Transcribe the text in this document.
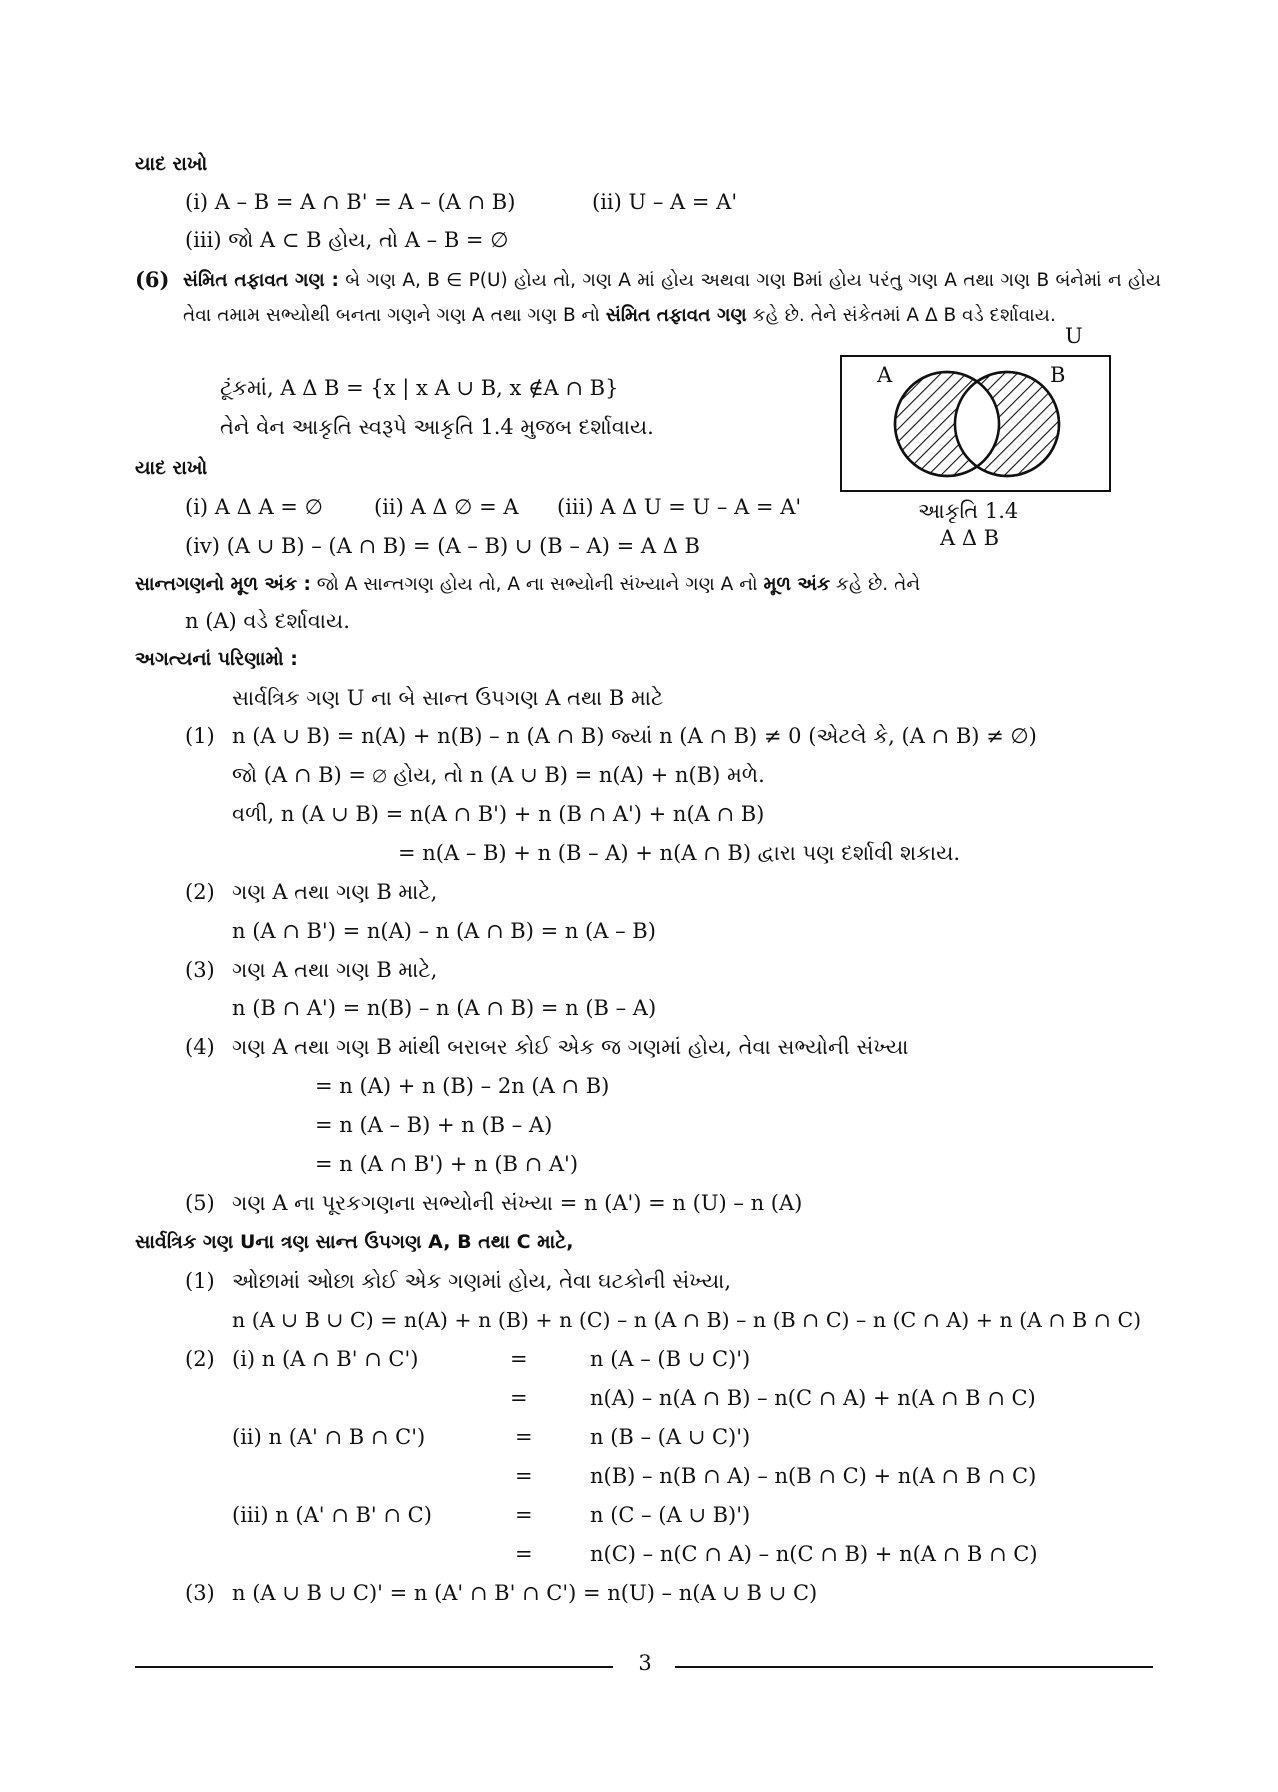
યાદ રાખો
(i) A – B = A ∩ B' = A – (A ∩ B)	(ii) U – A = A'
(iii) જો A ⊂ B હોય, તો A – B = ∅
(6) સંમિત તફાવત ગણ : બે ગણ A, B ∈ P(U) હોય તો, ગણ A માં હોય અથવા ગણ Bમાં હોય પરંતુ ગણ A તથા ગણ B બંનેમાં ન હોય તેવા તમામ સભ્યોથી બનતા ગણને ગણ A તથા ગણ B નો સંમિત તફાવત ગણ કહે છે. તેને સંકેતમાં A Δ B વડે દર્શાવાય.
ટૂંકમાં, A Δ B = {x | x A ∪ B, x ∉A ∩ B}
તેને વેન આકૃતિ સ્વરૂપે આકૃતિ 1.4 મુજબ દર્શાવાય.
U
A	B
આકૃતિ 1.4
A Δ B
યાદ રાખો
(i) A Δ A = ∅ (ii) A Δ ∅ = A (iii) A Δ U = U – A = A'
(iv) (A ∪ B) – (A ∩ B) = (A – B) ∪ (B – A) = A Δ B
સાન્તગણનો મૂળ અંક : જો A સાન્તગણ હોય તો, A ના સભ્યોની સંખ્યાને ગણ A નો મૂળ અંક કહે છે. તેને
n (A) વડે દર્શાવાય.
અગત્યનાં પરિણામો :
સાર્વત્રિક ગણ U ના બે સાન્ત ઉપગણ A તથા B માટે
(1) n (A ∪ B) = n(A) + n(B) – n (A ∩ B) જ્યાં n (A ∩ B) ≠ 0 (એટલે કે, (A ∩ B) ≠ ∅)
જો (A ∩ B) = ∅ હોય, તો n (A ∪ B) = n(A) + n(B) મળે.
વળી, n (A ∪ B) = n(A ∩ B') + n (B ∩ A') + n(A ∩ B)
= n(A – B) + n (B – A) + n(A ∩ B) દ્વારા પણ દર્શાવી શકાય.
(2) ગણ A તથા ગણ B માટે,
n (A ∩ B') = n(A) – n (A ∩ B) = n (A – B)
(3) ગણ A તથા ગણ B માટે,
n (B ∩ A') = n(B) – n (A ∩ B) = n (B – A)
(4) ગણ A તથા ગણ B માંથી બરાબર કોઈ એક જ ગણમાં હોય, તેવા સભ્યોની સંખ્યા
= n (A) + n (B) – 2n (A ∩ B)
= n (A – B) + n (B – A)
= n (A ∩ B') + n (B ∩ A')
(5) ગણ A ના પૂરકગણના સભ્યોની સંખ્યા = n (A') = n (U) – n (A)
સાર્વત્રિક ગણ Uના ત્રણ સાન્ત ઉપગણ A, B તથા C માટે,
(1) ઓછામાં ઓછા કોઈ એક ગણમાં હોય, તેવા ઘટકોની સંખ્યા,
n (A ∪ B ∪ C) = n(A) + n (B) + n (C) – n (A ∩ B) – n (B ∩ C) – n (C ∩ A) + n (A ∩ B ∩ C)
(2) (i) n (A ∩ B' ∩ C')	=	n (A – (B ∪ C)')
=	n(A) – n(A ∩ B) – n(C ∩ A) + n(A ∩ B ∩ C)
(ii) n (A' ∩ B ∩ C')	=	n (B – (A ∪ C)')
=	n(B) – n(B ∩ A) – n(B ∩ C) + n(A ∩ B ∩ C)
(iii) n (A' ∩ B' ∩ C)	=	n (C – (A ∪ B)')
=	n(C) – n(C ∩ A) – n(C ∩ B) + n(A ∩ B ∩ C)
(3) n (A ∪ B ∪ C)' = n (A' ∩ B' ∩ C') = n(U) – n(A ∪ B ∪ C)
3
